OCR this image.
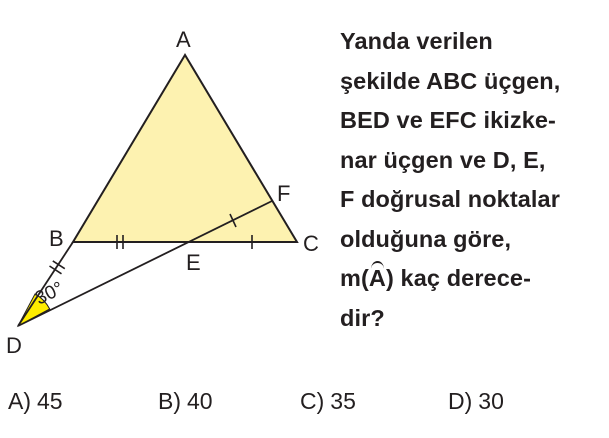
A
B	C
D
E
F
30°

Yanda verilen
şekilde ABC üçgen,
BED ve EFC ikizke-
nar üçgen ve D, E,
F doğrusal noktalar
olduğuna göre,
m(A) kaç derece-
dir?

A) 45	B) 40	C) 35	D) 30
